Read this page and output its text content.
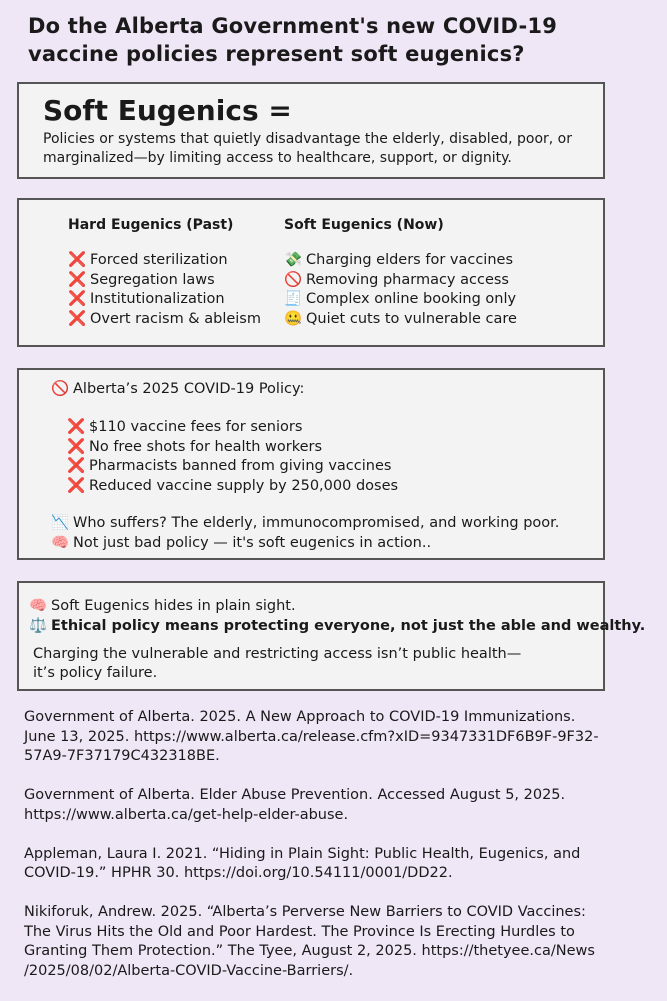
Do the Alberta Government's new COVID-19 vaccine policies represent soft eugenics?
Soft Eugenics =

Policies or systems that quietly disadvantage the elderly, disabled, poor, or marginalized—by limiting access to healthcare, support, or dignity.

Hard Eugenics (Past)
❌ Forced sterilization
❌ Segregation laws
❌ Institutionalization
❌ Overt racism & ableism
Soft Eugenics (Now)
💸 Charging elders for vaccines
🚫 Removing pharmacy access
🧾 Complex online booking only
🤐 Quiet cuts to vulnerable care
🚫 Alberta’s 2025 COVID-19 Policy:
❌ $110 vaccine fees for seniors
❌ No free shots for health workers
❌ Pharmacists banned from giving vaccines
❌ Reduced vaccine supply by 250,000 doses
📉 Who suffers? The elderly, immunocompromised, and working poor.
🧠 Not just bad policy — it's soft eugenics in action..
🧠 Soft Eugenics hides in plain sight.
⚖️ Ethical policy means protecting everyone, not just the able and wealthy.

Charging the vulnerable and restricting access isn’t public health—
it’s policy failure.

Government of Alberta. 2025. A New Approach to COVID-19 Immunizations.
June 13, 2025. https://www.alberta.ca/release.cfm?xID=9347331DF6B9F-9F32-
57A9-7F37179C432318BE.

Government of Alberta. Elder Abuse Prevention. Accessed August 5, 2025.
https://www.alberta.ca/get-help-elder-abuse.

Appleman, Laura I. 2021. “Hiding in Plain Sight: Public Health, Eugenics, and
COVID-19.” HPHR 30. https://doi.org/10.54111/0001/DD22.

Nikiforuk, Andrew. 2025. “Alberta’s Perverse New Barriers to COVID Vaccines:
The Virus Hits the Old and Poor Hardest. The Province Is Erecting Hurdles to
Granting Them Protection.” The Tyee, August 2, 2025. https://thetyee.ca/News
/2025/08/02/Alberta-COVID-Vaccine-Barriers/.
